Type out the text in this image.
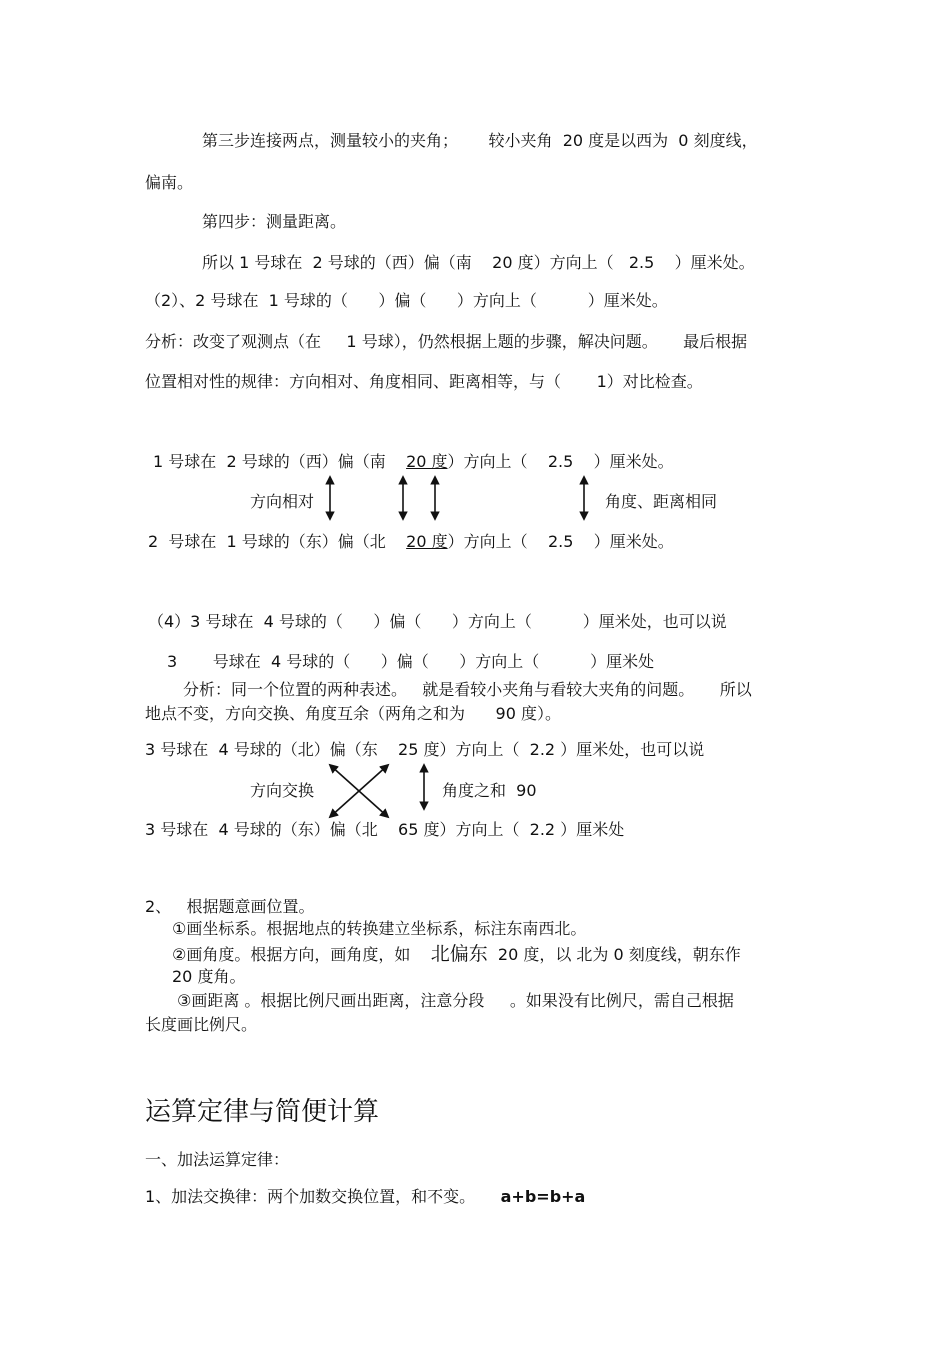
第三步连接两点，测量较小的夹角；      较小夹角  20 度是以西为  0 刻度线，
偏南。
第四步：测量距离。
所以 1 号球在  2 号球的（西）偏（南    20 度）方向上（   2.5    ）厘米处。
（2）、2 号球在  1 号球的（      ）偏（      ）方向上（          ）厘米处。
分析：改变了观测点（在     1 号球），仍然根据上题的步骤，解决问题。     最后根据
位置相对性的规律：方向相对、角度相同、距离相等，与（       1）对比检查。
1 号球在  2 号球的（西）偏（南    20 度）方向上（    2.5    ）厘米处。
方向相对	角度、距离相同
2  号球在  1 号球的（东）偏（北    20 度）方向上（    2.5    ）厘米处。
（4）3 号球在  4 号球的（      ）偏（      ）方向上（          ）厘米处，也可以说
3       号球在  4 号球的（      ）偏（      ）方向上（          ）厘米处
分析：同一个位置的两种表述。   就是看较小夹角与看较大夹角的问题。     所以
地点不变，方向交换、角度互余（两角之和为      90 度）。
3 号球在  4 号球的（北）偏（东    25 度）方向上（  2.2 ）厘米处，也可以说
方向交换	角度之和  90
3 号球在  4 号球的（东）偏（北    65 度）方向上（  2.2 ）厘米处
2、   根据题意画位置。
①画坐标系。根据地点的转换建立坐标系，标注东南西北。
②画角度。根据方向，画角度，如    北偏东  20 度，以 北为 0 刻度线，朝东作
20 度角。
③画距离 。根据比例尺画出距离，注意分段     。如果没有比例尺，需自己根据
长度画比例尺。
运算定律与简便计算
一、加法运算定律：
1、加法交换律：两个加数交换位置，和不变。     a+b=b+a
